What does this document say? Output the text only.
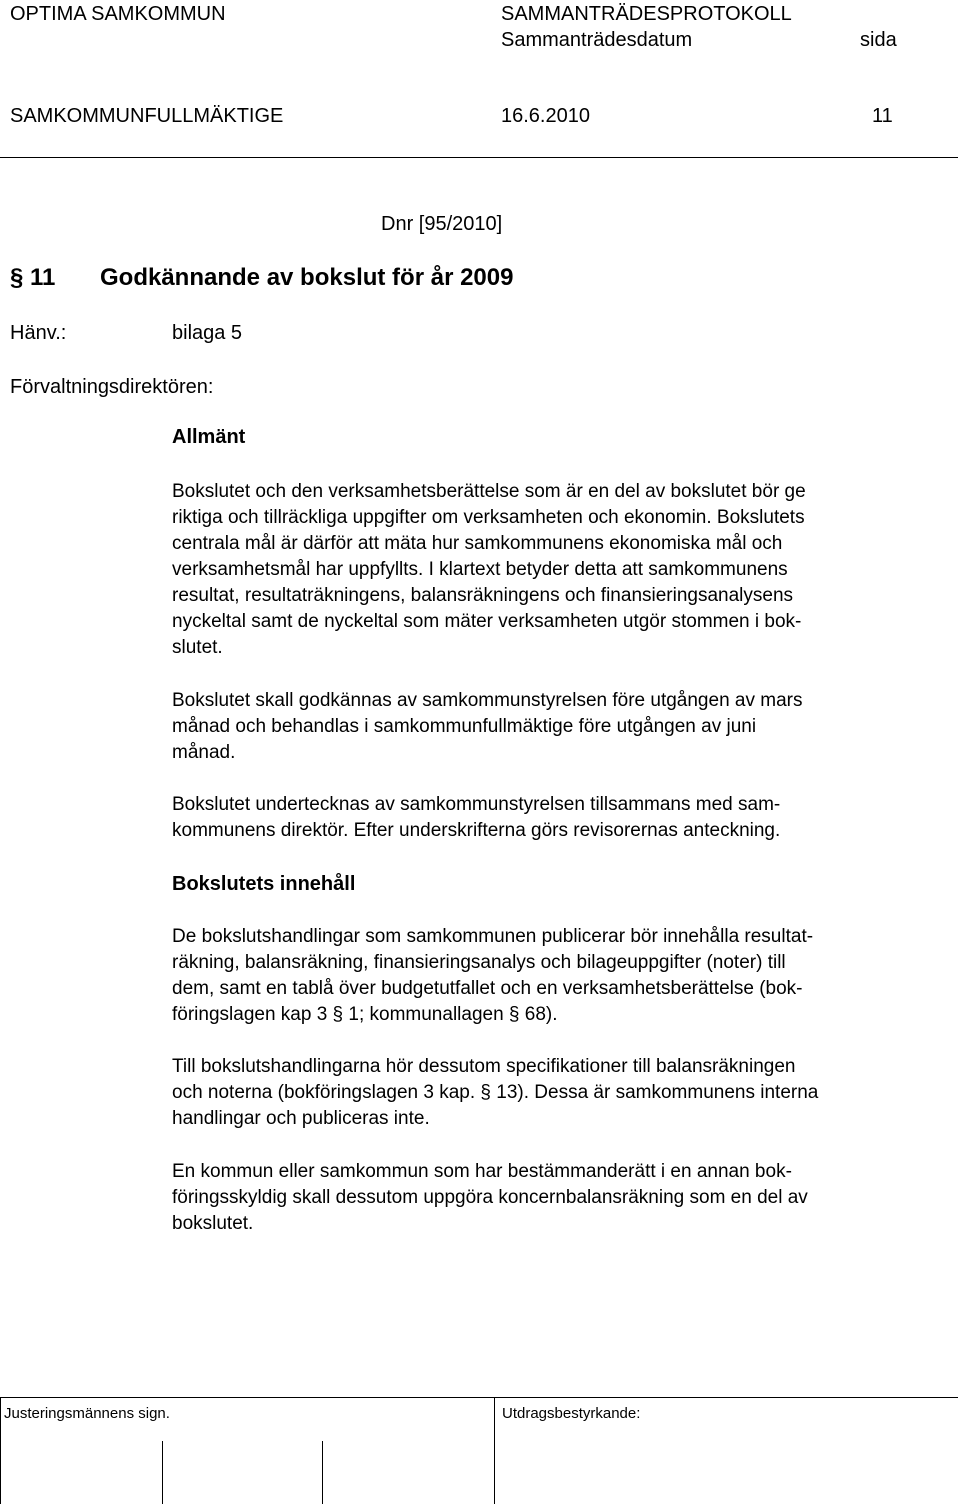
OPTIMA SAMKOMMUN	SAMMANTRÄDESPROTOKOLL
Sammanträdesdatum	sida
SAMKOMMUNFULLMÄKTIGE	16.6.2010	11
Dnr [95/2010]
§ 11 Godkännande av bokslut för år 2009
Hänv.:	bilaga 5
Förvaltningsdirektören:
Allmänt
Bokslutet och den verksamhetsberättelse som är en del av bokslutet bör ge
riktiga och tillräckliga uppgifter om verksamheten och ekonomin. Bokslutets
centrala mål är därför att mäta hur samkommunens ekonomiska mål och
verksamhetsmål har uppfyllts. I klartext betyder detta att samkommunens
resultat, resultaträkningens, balansräkningens och finansieringsanalysens
nyckeltal samt de nyckeltal som mäter verksamheten utgör stommen i bok-
slutet.
Bokslutet skall godkännas av samkommunstyrelsen före utgången av mars
månad och behandlas i samkommunfullmäktige före utgången av juni
månad.
Bokslutet undertecknas av samkommunstyrelsen tillsammans med sam-
kommunens direktör. Efter underskrifterna görs revisorernas anteckning.
Bokslutets innehåll
De bokslutshandlingar som samkommunen publicerar bör innehålla resultat-
räkning, balansräkning, finansieringsanalys och bilageuppgifter (noter) till
dem, samt en tablå över budgetutfallet och en verksamhetsberättelse (bok-
föringslagen kap 3 § 1; kommunallagen § 68).
Till bokslutshandlingarna hör dessutom specifikationer till balansräkningen
och noterna (bokföringslagen 3 kap. § 13). Dessa är samkommunens interna
handlingar och publiceras inte.
En kommun eller samkommun som har bestämmanderätt i en annan bok-
föringsskyldig skall dessutom uppgöra koncernbalansräkning som en del av
bokslutet.
Justeringsmännens sign.	Utdragsbestyrkande:
